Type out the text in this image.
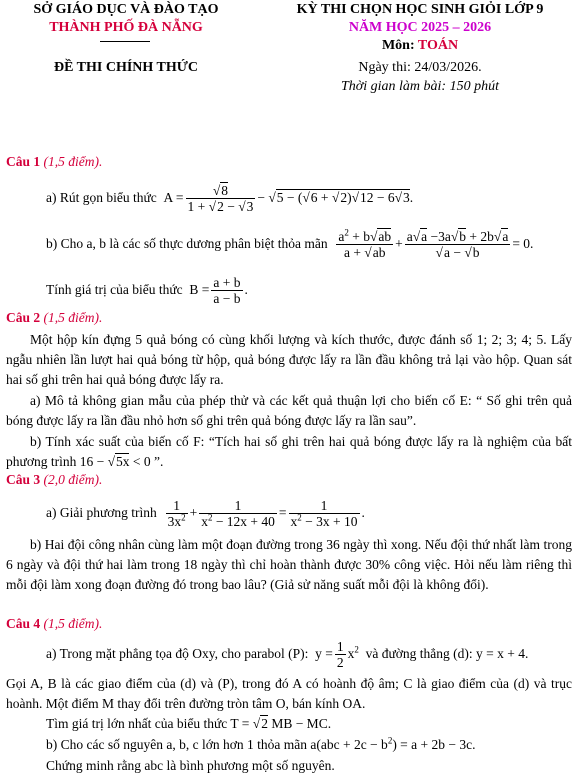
SỞ GIÁO DỤC VÀ ĐÀO TẠO
THÀNH PHỐ ĐÀ NẴNG
ĐỀ THI CHÍNH THỨC
KỲ THI CHỌN HỌC SINH GIỎI LỚP 9
NĂM HỌC 2025 – 2026
Môn: TOÁN
Ngày thi: 24/03/2026.
Thời gian làm bài: 150 phút
Câu 1 (1,5 điểm).
a) Rút gọn biểu thức
$A = \frac{√8}{1 + √2 - √3} - √5 - (√6 + √2)√12 - 6√3$.
b) Cho a, b là các số thực dương phân biệt thỏa mãn
$\frac{a^2 + b√ab}{a + √ab} + \frac{a√a -3a√b + 2b√a}{√a - √b} = 0$.
Tính giá trị của biểu thức
$B = \frac{a + b}{a - b}$ .
Câu 2 (1,5 điểm).
Một hộp kín đựng 5 quả bóng có cùng khối lượng và kích thước, được đánh số 1; 2; 3; 4; 5. Lấy ngẫu nhiên lần lượt hai quả bóng từ hộp, quả bóng được lấy ra lần đầu không trả lại vào hộp. Quan sát hai số ghi trên hai quả bóng được lấy ra.
a) Mô tả không gian mẫu của phép thử và các kết quả thuận lợi cho biến cố E: “ Số ghi trên quả bóng được lấy ra lần đầu nhỏ hơn số ghi trên quả bóng được lấy ra lần sau”.
b) Tính xác suất của biến cố F: “Tích hai số ghi trên hai quả bóng được lấy ra là nghiệm của bất phương trình 16 − √5x < 0 ”.
Câu 3 (2,0 điểm).
a) Giải phương trình
$\frac{1}{3x^2} + \frac{1}{x^2 - 12x + 40} = \frac{1}{x^2 - 3x + 10}$ .
b) Hai đội công nhân cùng làm một đoạn đường trong 36 ngày thì xong. Nếu đội thứ nhất làm trong 6 ngày và đội thứ hai làm trong 18 ngày thì chỉ hoàn thành được 30% công việc. Hỏi nếu làm riêng thì mỗi đội làm xong đoạn đường đó trong bao lâu? (Giả sử năng suất mỗi đội là không đổi).
Câu 4 (1,5 điểm).
a) Trong mặt phẳng tọa độ Oxy, cho parabol (P):
$y = \frac{1}{2} x^2$ và đường thẳng (d): y = x + 4.
Gọi A, B là các giao điểm của (d) và (P), trong đó A có hoành độ âm; C là giao điểm của (d) và trục hoành. Một điểm M thay đổi trên đường tròn tâm O, bán kính OA.
Tìm giá trị lớn nhất của biểu thức T = √2 MB − MC.
b) Cho các số nguyên a, b, c lớn hơn 1 thỏa mãn $a(abc + 2c - b^2) = a + 2b - 3c$.
Chứng minh rằng abc là bình phương một số nguyên.
